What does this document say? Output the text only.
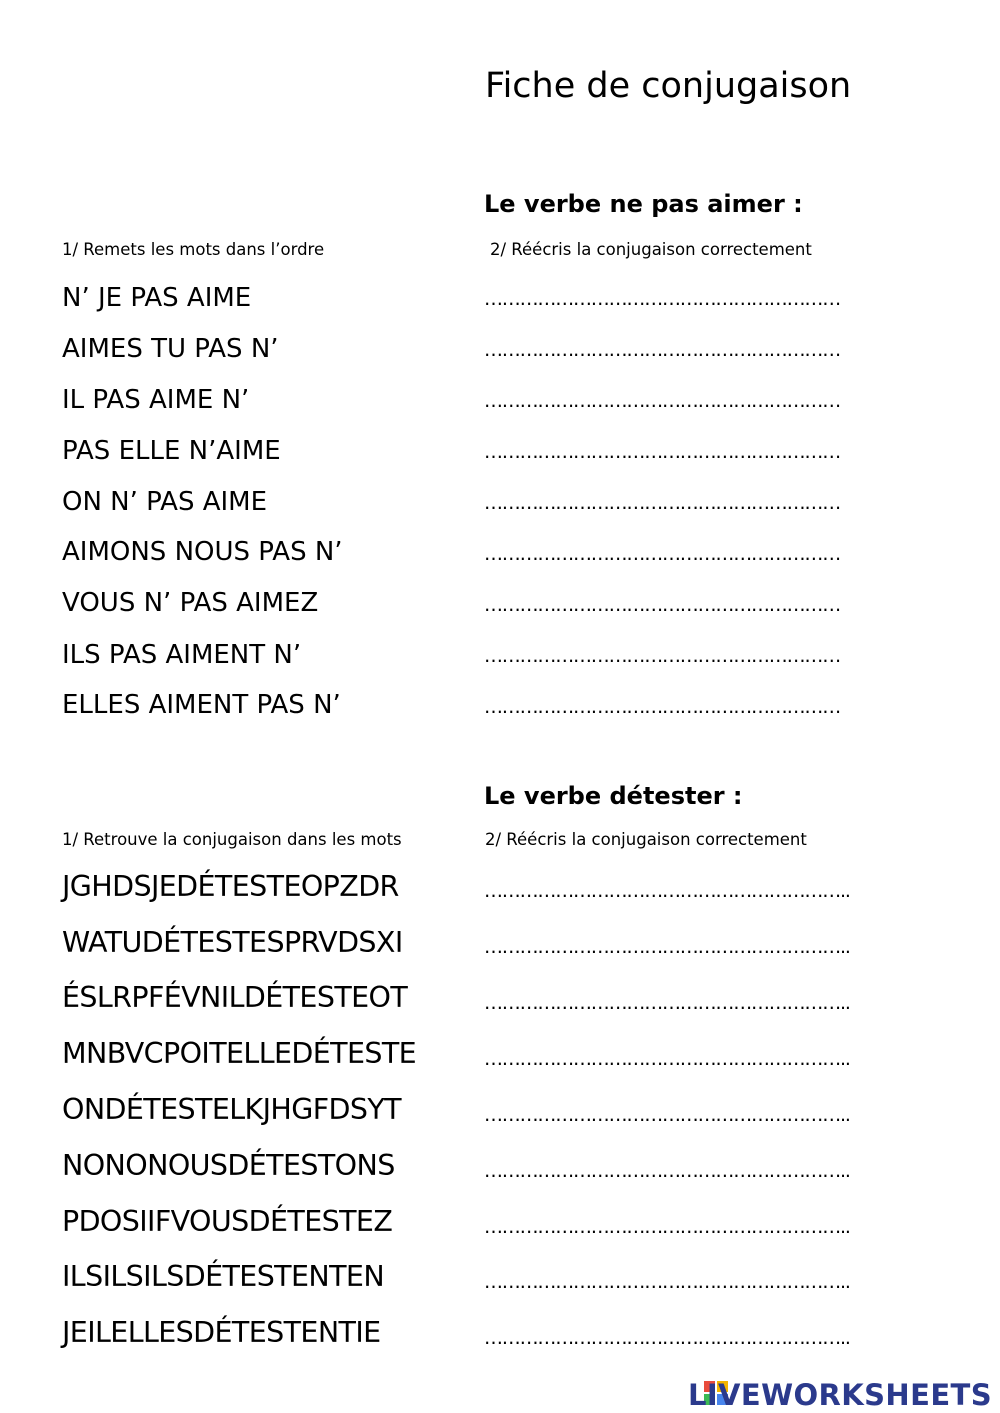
Fiche de conjugaison
Le verbe ne pas aimer :
1/ Remets les mots dans l’ordre	2/ Réécris la conjugaison correctement
N’ JE PAS AIME
AIMES TU PAS N’
IL PAS AIME N’
PAS ELLE N’AIME
ON N’ PAS AIME
AIMONS NOUS PAS N’
VOUS N’ PAS AIMEZ
ILS PAS AIMENT N’
ELLES AIMENT PAS N’
……………………………………………………
……………………………………………………
……………………………………………………
……………………………………………………
……………………………………………………
……………………………………………………
……………………………………………………
……………………………………………………
……………………………………………………
Le verbe détester :
1/ Retrouve la conjugaison dans les mots	2/ Réécris la conjugaison correctement
JGHDSJEDÉTESTEOPZDR
WATUDÉTESTESPRVDSXI
ÉSLRPFÉVNILDÉTESTEOT
MNBVCPOITELLEDÉTESTE
ONDÉTESTELKJHGFDSYT
NONONOUSDÉTESTONS
PDOSIIFVOUSDÉTESTEZ
ILSILSILSDÉTESTENTEN
JEILELLESDÉTESTENTIE
……………………………………………………..
……………………………………………………..
……………………………………………………..
……………………………………………………..
……………………………………………………..
……………………………………………………..
……………………………………………………..
……………………………………………………..
……………………………………………………..
LIVEWORKSHEETS
